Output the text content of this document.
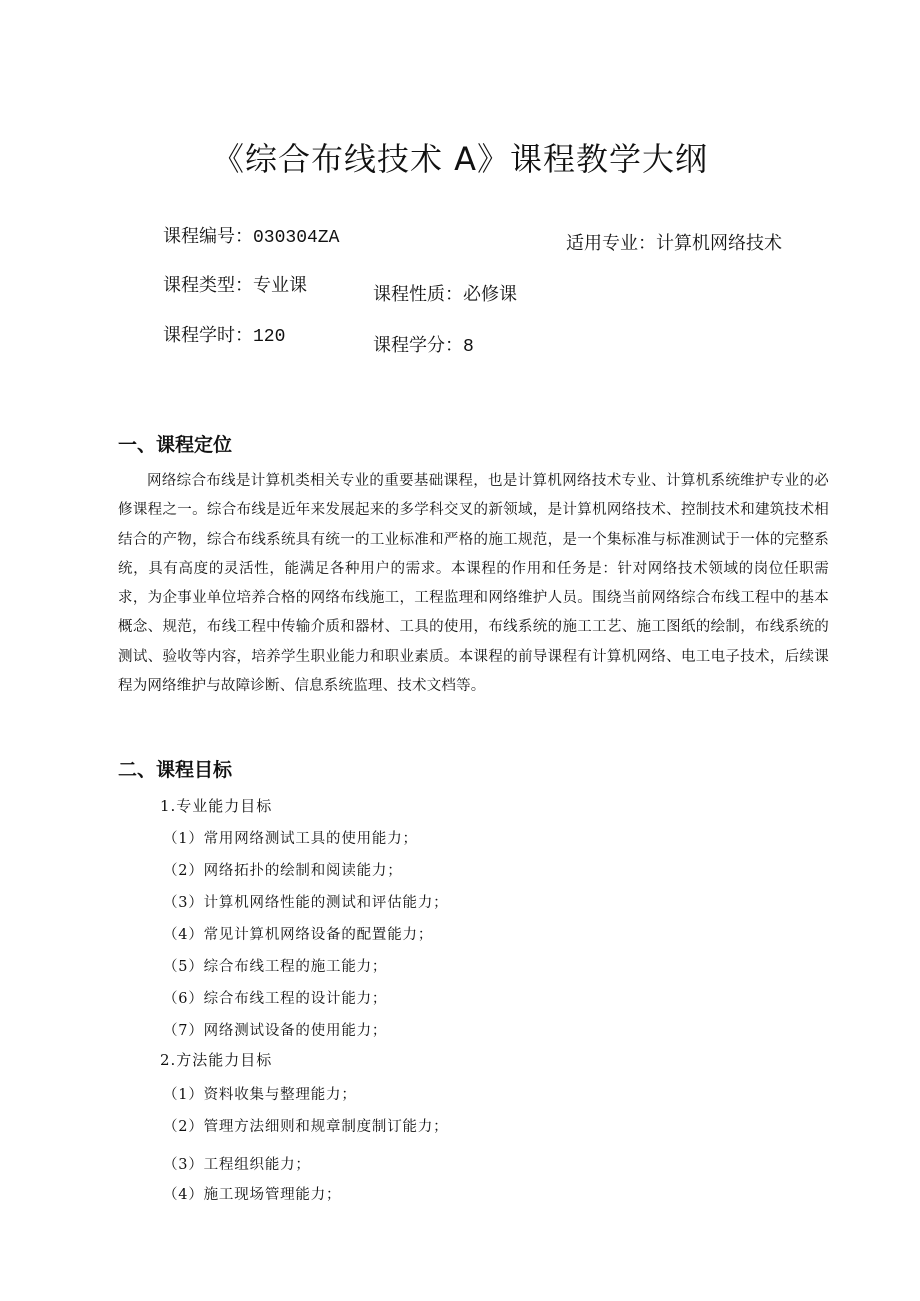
《综合布线技术 A》课程教学大纲
课程编号：030304ZA	适用专业：计算机网络技术
课程类型：专业课	课程性质：必修课
课程学时：120	课程学分：8
一、课程定位
网络综合布线是计算机类相关专业的重要基础课程，也是计算机网络技术专业、计算机系统维护专业的必修课程之一。综合布线是近年来发展起来的多学科交叉的新领域，是计算机网络技术、控制技术和建筑技术相结合的产物，综合布线系统具有统一的工业标准和严格的施工规范，是一个集标准与标准测试于一体的完整系统，具有高度的灵活性，能满足各种用户的需求。本课程的作用和任务是：针对网络技术领域的岗位任职需求，为企事业单位培养合格的网络布线施工，工程监理和网络维护人员。围绕当前网络综合布线工程中的基本概念、规范，布线工程中传输介质和器材、工具的使用，布线系统的施工工艺、施工图纸的绘制，布线系统的测试、验收等内容，培养学生职业能力和职业素质。本课程的前导课程有计算机网络、电工电子技术，后续课程为网络维护与故障诊断、信息系统监理、技术文档等。
二、课程目标
1.专业能力目标
（1）常用网络测试工具的使用能力；
（2）网络拓扑的绘制和阅读能力；
（3）计算机网络性能的测试和评估能力；
（4）常见计算机网络设备的配置能力；
（5）综合布线工程的施工能力；
（6）综合布线工程的设计能力；
（7）网络测试设备的使用能力；
2.方法能力目标
（1）资料收集与整理能力；
（2）管理方法细则和规章制度制订能力；
（3）工程组织能力；
（4）施工现场管理能力；
